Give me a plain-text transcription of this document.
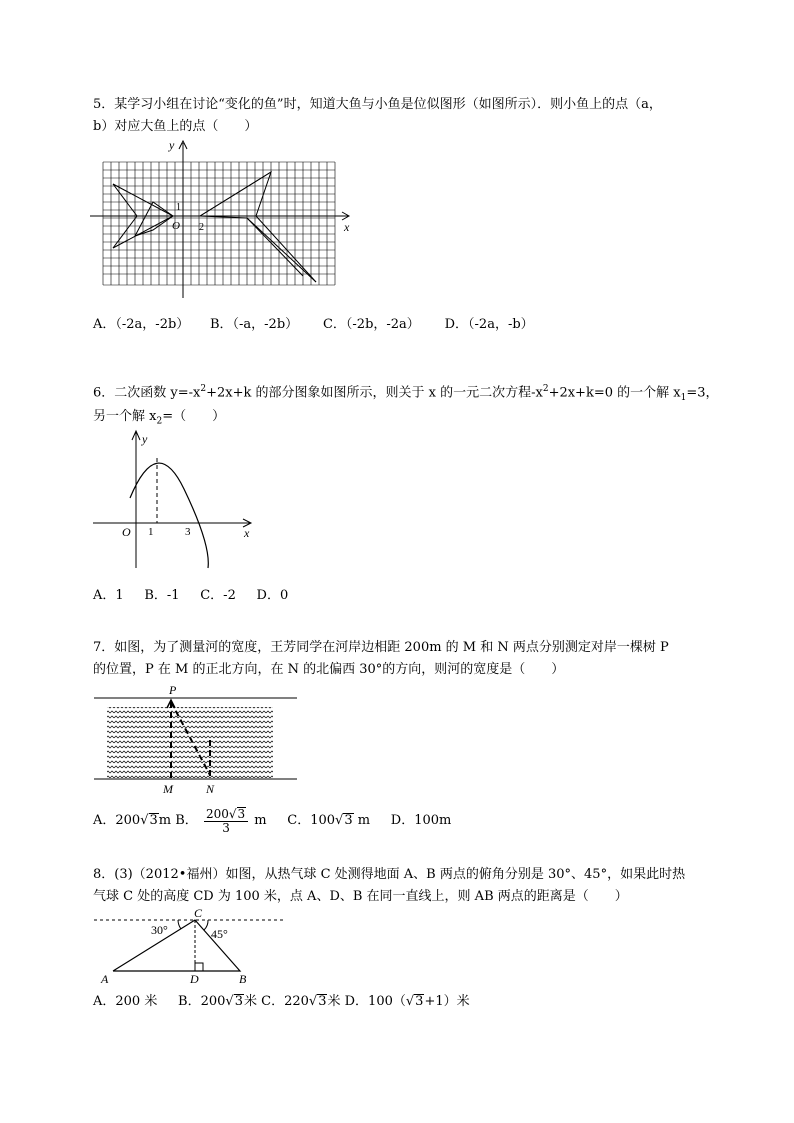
5．某学习小组在讨论“变化的鱼”时，知道大鱼与小鱼是位似图形（如图所示）．则小鱼上的点（a，
b）对应大鱼上的点（　　）
y
x
O
1
2
A．（-2a，-2b） B．（-a，-2b） C．（-2b，-2a） D．（-2a，-b）
6．二次函数 $y=-x^2+2x+k$ 的部分图象如图所示，则关于 x 的一元二次方程$-x^2+2x+k=0$ 的一个解 $x_1=3$，
另一个解 $x_2=$（　　）
y
x
O 1	3
A．1 B．-1 C．-2 D．0
7．如图，为了测量河的宽度，王芳同学在河岸边相距 200m 的 M 和 N 两点分别测定对岸一棵树 P
的位置，P 在 M 的正北方向，在 N 的北偏西 30°的方向，则河的宽度是（　　）
P
M	N
A．200√3m B． $\frac{200√3}{3}$ m C．100√3 m D．100m
8．(3)（2012•福州）如图，从热气球 C 处测得地面 A、B 两点的俯角分别是 30°、45°，如果此时热
气球 C 处的高度 CD 为 100 米，点 A、D、B 在同一直线上，则 AB 两点的距离是（　　）
C
30°	45°
A	D	B
A．200 米 B．200√3米 C．220√3米 D．100（√3+1）米
